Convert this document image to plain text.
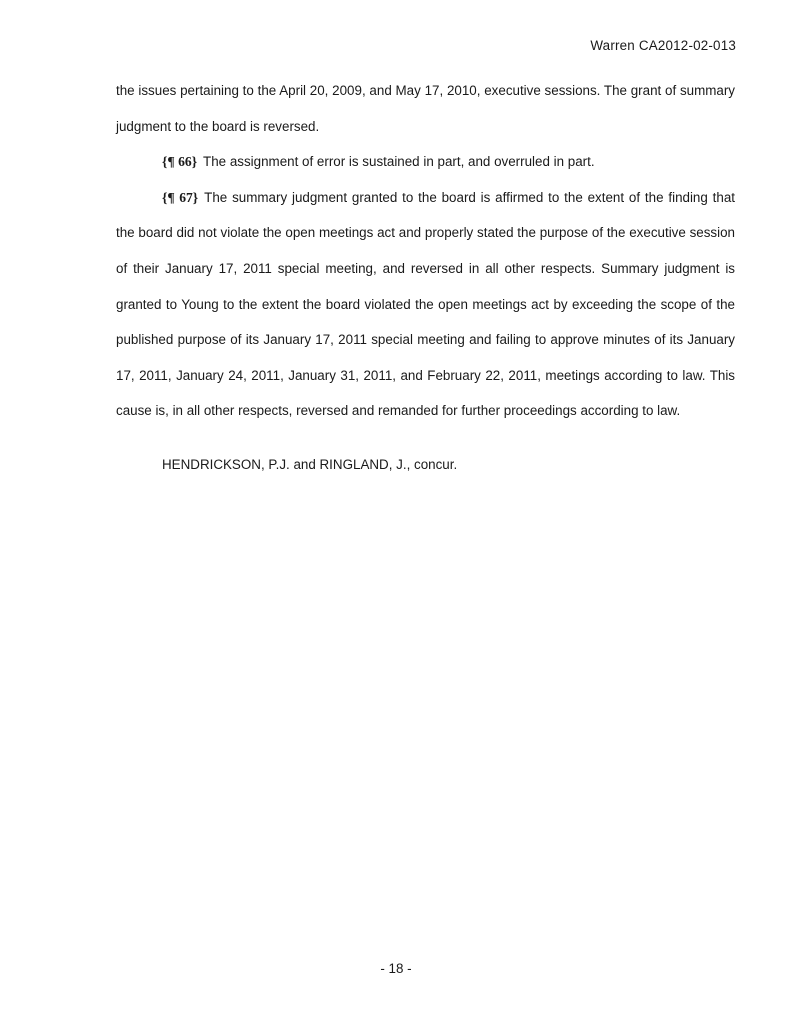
Warren CA2012-02-013

the issues pertaining to the April 20, 2009, and May 17, 2010, executive sessions. The grant of summary judgment to the board is reversed.

{¶ 66} The assignment of error is sustained in part, and overruled in part.

{¶ 67} The summary judgment granted to the board is affirmed to the extent of the finding that the board did not violate the open meetings act and properly stated the purpose of the executive session of their January 17, 2011 special meeting, and reversed in all other respects. Summary judgment is granted to Young to the extent the board violated the open meetings act by exceeding the scope of the published purpose of its January 17, 2011 special meeting and failing to approve minutes of its January 17, 2011, January 24, 2011, January 31, 2011, and February 22, 2011, meetings according to law. This cause is, in all other respects, reversed and remanded for further proceedings according to law.

HENDRICKSON, P.J. and RINGLAND, J., concur.

- 18 -
